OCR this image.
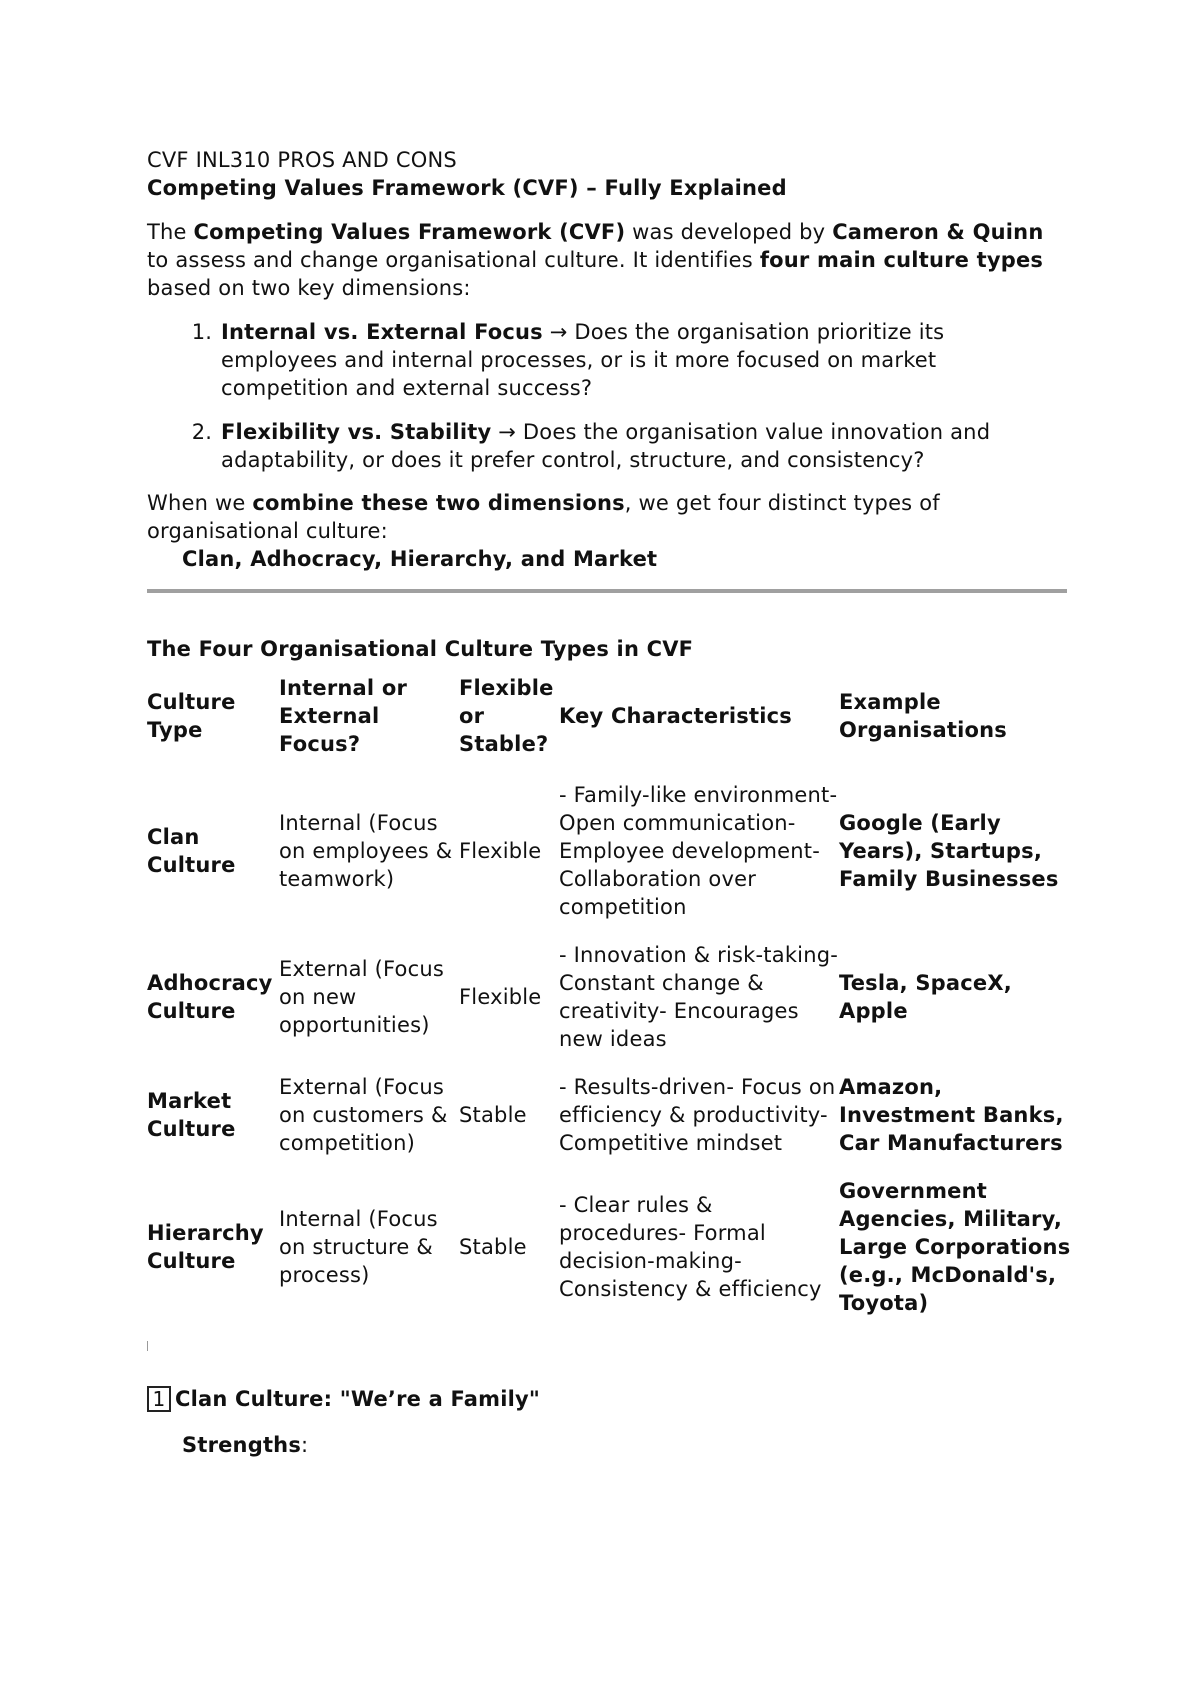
CVF INL310 PROS AND CONS

Competing Values Framework (CVF) – Fully Explained

The Competing Values Framework (CVF) was developed by Cameron & Quinn to assess and change organisational culture. It identifies four main culture types based on two key dimensions:

1. Internal vs. External Focus → Does the organisation prioritize its employees and internal processes, or is it more focused on market competition and external success?
2. Flexibility vs. Stability → Does the organisation value innovation and adaptability, or does it prefer control, structure, and consistency?

When we combine these two dimensions, we get four distinct types of organisational culture:

Clan, Adhocracy, Hierarchy, and Market

The Four Organisational Culture Types in CVF

Culture Type	Internal or External Focus?	Flexible or Stable?	Key Characteristics	Example Organisations
Clan Culture	Internal (Focus on employees & teamwork)	Flexible	- Family-like environment- Open communication- Employee development- Collaboration over competition	Google (Early Years), Startups, Family Businesses
Adhocracy Culture	External (Focus on new opportunities)	Flexible	- Innovation & risk-taking- Constant change & creativity- Encourages new ideas	Tesla, SpaceX, Apple
Market Culture	External (Focus on customers & competition)	Stable	- Results-driven- Focus on efficiency & productivity- Competitive mindset	Amazon, Investment Banks, Car Manufacturers
Hierarchy Culture	Internal (Focus on structure & process)	Stable	- Clear rules & procedures- Formal decision-making- Consistency & efficiency	Government Agencies, Military, Large Corporations (e.g., McDonald's, Toyota)
1 Clan Culture: "We’re a Family"

Strengths:
